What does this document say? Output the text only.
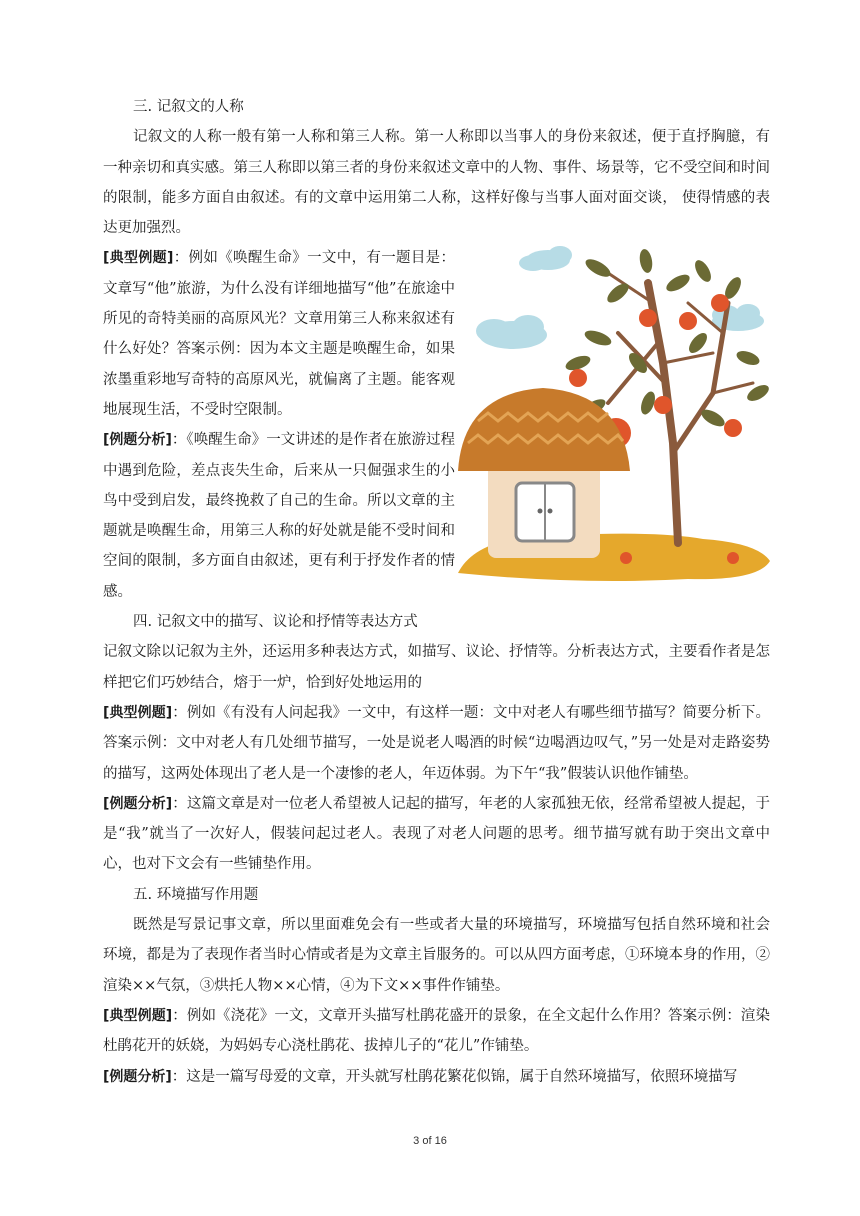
三. 记叙文的人称

记叙文的人称一般有第一人称和第三人称。第一人称即以当事人的身份来叙述，便于直抒胸臆，有一种亲切和真实感。第三人称即以第三者的身份来叙述文章中的人物、事件、场景等，它不受空间和时间的限制，能多方面自由叙述。有的文章中运用第二人称，这样好像与当事人面对面交谈， 使得情感的表达更加强烈。

[典型例题]：例如《唤醒生命》一文中，有一题目是：文章写“他”旅游，为什么没有详细地描写“他”在旅途中所见的奇特美丽的高原风光？文章用第三人称来叙述有什么好处？答案示例：因为本文主题是唤醒生命，如果浓墨重彩地写奇特的高原风光，就偏离了主题。能客观地展现生活，不受时空限制。

[例题分析]：《唤醒生命》一文讲述的是作者在旅游过程中遇到危险，差点丧失生命，后来从一只倔强求生的小鸟中受到启发，最终挽救了自己的生命。所以文章的主题就是唤醒生命，用第三人称的好处就是能不受时间和空间的限制，多方面自由叙述，更有利于抒发作者的情感。

四. 记叙文中的描写、议论和抒情等表达方式

记叙文除以记叙为主外，还运用多种表达方式，如描写、议论、抒情等。分析表达方式，主要看作者是怎样把它们巧妙结合，熔于一炉，恰到好处地运用的

[典型例题]：例如《有没有人问起我》一文中，有这样一题：文中对老人有哪些细节描写？简要分析下。答案示例：文中对老人有几处细节描写，一处是说老人喝酒的时候“边喝酒边叹气，”另一处是对走路姿势的描写，这两处体现出了老人是一个凄惨的老人，年迈体弱。为下午“我”假装认识他作铺垫。

[例题分析]：这篇文章是对一位老人希望被人记起的描写，年老的人家孤独无依，经常希望被人提起，于是“我”就当了一次好人，假装问起过老人。表现了对老人问题的思考。细节描写就有助于突出文章中心，也对下文会有一些铺垫作用。

五. 环境描写作用题

既然是写景记事文章，所以里面难免会有一些或者大量的环境描写，环境描写包括自然环境和社会环境，都是为了表现作者当时心情或者是为文章主旨服务的。可以从四方面考虑，①环境本身的作用，②渲染××气氛，③烘托人物××心情，④为下文××事件作铺垫。

[典型例题]：例如《浇花》一文，文章开头描写杜鹃花盛开的景象，在全文起什么作用？答案示例：渲染杜鹃花开的妖娆，为妈妈专心浇杜鹃花、拔掉儿子的“花儿”作铺垫。

[例题分析]：这是一篇写母爱的文章，开头就写杜鹃花繁花似锦，属于自然环境描写，依照环境描写

3 of 16
